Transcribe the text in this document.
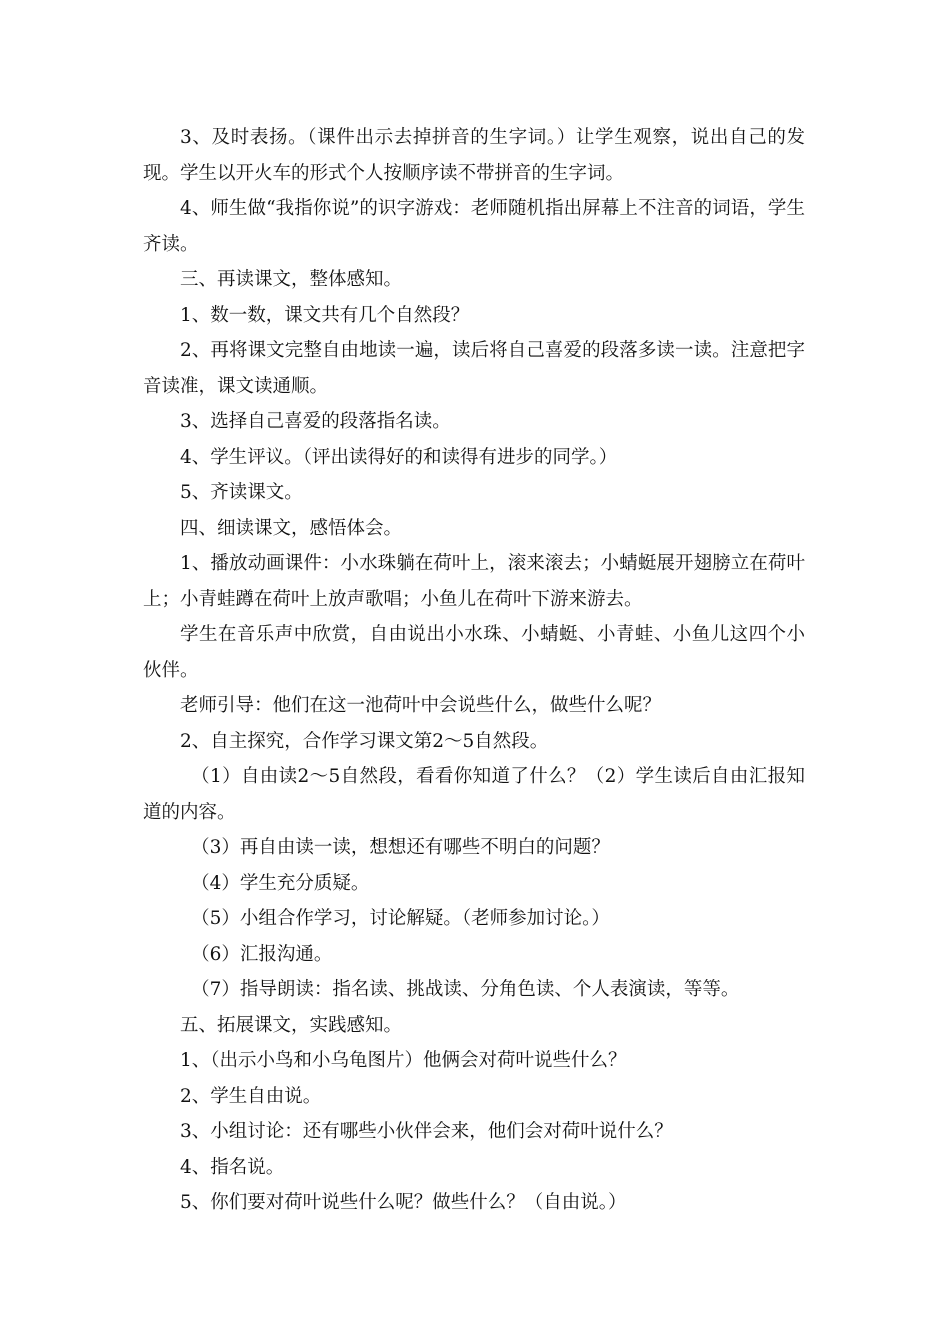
3、及时表扬。（课件出示去掉拼音的生字词。）让学生观察，说出自己的发现。学生以开火车的形式个人按顺序读不带拼音的生字词。

4、师生做“我指你说”的识字游戏：老师随机指出屏幕上不注音的词语，学生齐读。

三、再读课文，整体感知。

1、数一数，课文共有几个自然段？

2、再将课文完整自由地读一遍，读后将自己喜爱的段落多读一读。注意把字音读准，课文读通顺。

3、选择自己喜爱的段落指名读。

4、学生评议。（评出读得好的和读得有进步的同学。）

5、齐读课文。

四、细读课文，感悟体会。

1、播放动画课件：小水珠躺在荷叶上，滚来滚去；小蜻蜓展开翅膀立在荷叶上；小青蛙蹲在荷叶上放声歌唱；小鱼儿在荷叶下游来游去。

学生在音乐声中欣赏，自由说出小水珠、小蜻蜓、小青蛙、小鱼儿这四个小伙伴。

老师引导：他们在这一池荷叶中会说些什么，做些什么呢？

2、自主探究，合作学习课文第2～5自然段。

（1）自由读2～5自然段，看看你知道了什么？（2）学生读后自由汇报知道的内容。

（3）再自由读一读，想想还有哪些不明白的问题？

（4）学生充分质疑。

（5）小组合作学习，讨论解疑。（老师参加讨论。）

（6）汇报沟通。

（7）指导朗读：指名读、挑战读、分角色读、个人表演读，等等。

五、拓展课文，实践感知。

1、（出示小鸟和小乌龟图片）他俩会对荷叶说些什么？

2、学生自由说。

3、小组讨论：还有哪些小伙伴会来，他们会对荷叶说什么？

4、指名说。

5、你们要对荷叶说些什么呢？做些什么？（自由说。）
